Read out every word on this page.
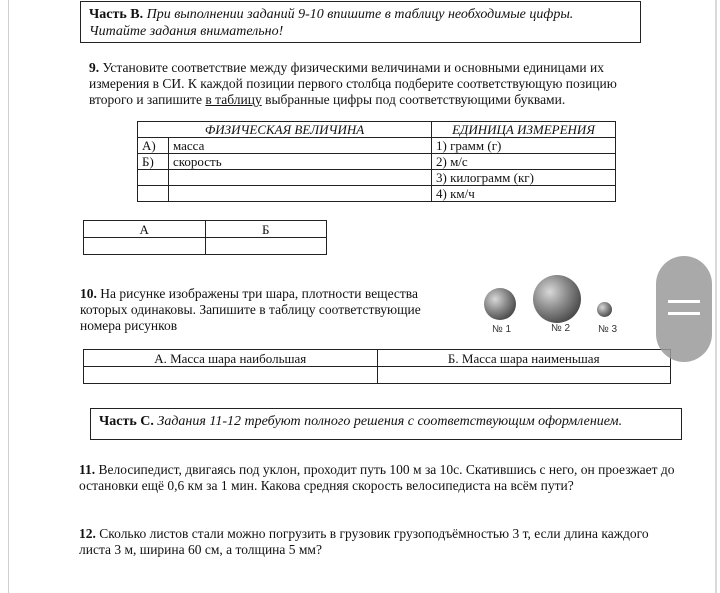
Часть В. При выполнении заданий 9-10 впишите в таблицу необходимые цифры. Читайте задания внимательно!
9. Установите соответствие между физическими величинами и основными единицами их измерения в СИ. К каждой позиции первого столбца подберите соответствующую позицию второго и запишите в таблицу выбранные цифры под соответствующими буквами.
ФИЗИЧЕСКАЯ ВЕЛИЧИНА		ЕДИНИЦА ИЗМЕРЕНИЯ
А)	масса	1) грамм (г)
Б)	скорость	2) м/с
		3) килограмм (кг)
		4) км/ч
А	Б

10. На рисунке изображены три шара, плотности вещества которых одинаковы. Запишите в таблицу соответствующие номера рисунков	№ 1	№ 2	№ 3
А. Масса шара наибольшая	Б. Масса шара наименьшая

Часть С. Задания 11-12 требуют полного решения с соответствующим оформлением.
11. Велосипедист, двигаясь под уклон, проходит путь 100 м за 10с. Скатившись с него, он проезжает до остановки ещё 0,6 км за 1 мин. Какова средняя скорость велосипедиста на всём пути?
12. Сколько листов стали можно погрузить в грузовик грузоподъёмностью 3 т, если длина каждого листа 3 м, ширина 60 см, а толщина 5 мм?
